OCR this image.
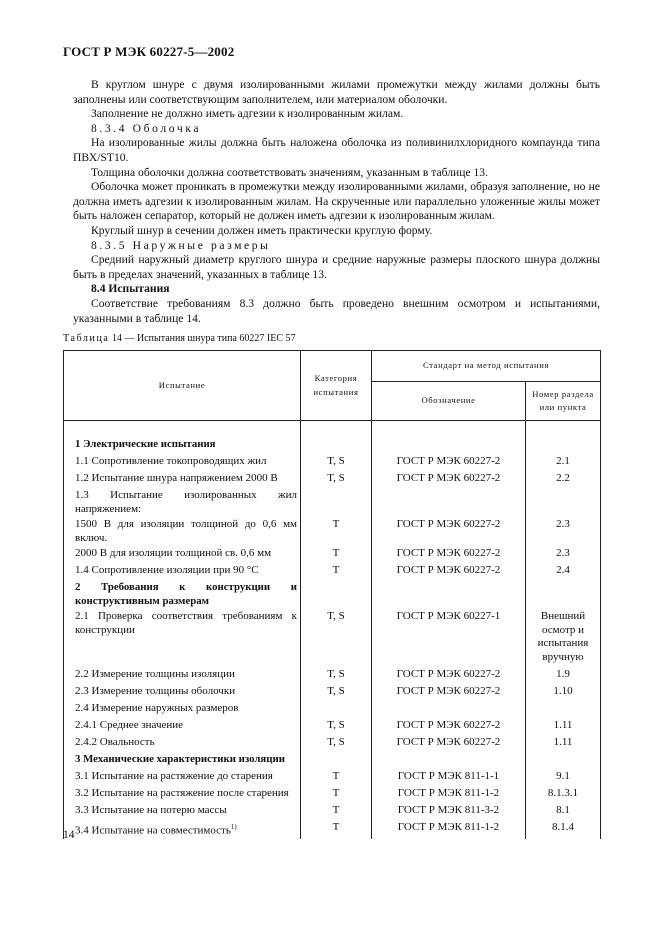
ГОСТ Р МЭК 60227-5—2002

В круглом шнуре с двумя изолированными жилами промежутки между жилами должны быть заполнены или соответствующим заполнителем, или материалом оболочки.

Заполнение не должно иметь адгезии к изолированным жилам.

8.3.4 Оболочка

На изолированные жилы должна быть наложена оболочка из поливинилхлоридного компаунда типа ПВХ/ST10.

Толщина оболочки должна соответствовать значениям, указанным в таблице 13.

Оболочка может проникать в промежутки между изолированными жилами, образуя заполнение, но не должна иметь адгезии к изолированным жилам. На скрученные или параллельно уложенные жилы может быть наложен сепаратор, который не должен иметь адгезии к изолированным жилам.

Круглый шнур в сечении должен иметь практически круглую форму.

8.3.5 Наружные размеры

Средний наружный диаметр круглого шнура и средние наружные размеры плоского шнура должны быть в пределах значений, указанных в таблице 13.

8.4 Испытания

Соответствие требованиям 8.3 должно быть проведено внешним осмотром и испытаниями, указанными в таблице 14.

Таблица 14 — Испытания шнура типа 60227 IEC 57
Испытание	Категория испытания	Стандарт на метод испытания	
		Обозначение	Номер раздела или пункта

1 Электрические испытания			
1.1 Сопротивление токопроводящих жил	T, S	ГОСТ Р МЭК 60227-2	2.1
1.2 Испытание шнура напряжением 2000 В	T, S	ГОСТ Р МЭК 60227-2	2.2
1.3 Испытание изолированных жил напряжением:			
1500 В для изоляции толщиной до 0,6 мм включ.	T	ГОСТ Р МЭК 60227-2	2.3
2000 В для изоляции толщиной св. 0,6 мм	T	ГОСТ Р МЭК 60227-2	2.3
1.4 Сопротивление изоляции при 90 °С	T	ГОСТ Р МЭК 60227-2	2.4
2 Требования к конструкции и конструктивным размерам			
2.1 Проверка соответствия требованиям к конструкции	T, S	ГОСТ Р МЭК 60227-1	Внешний осмотр и испытания вручную
2.2 Измерение толщины изоляции	T, S	ГОСТ Р МЭК 60227-2	1.9
2.3 Измерение толщины оболочки	T, S	ГОСТ Р МЭК 60227-2	1.10
2.4 Измерение наружных размеров			
2.4.1 Среднее значение	T, S	ГОСТ Р МЭК 60227-2	1.11
2.4.2 Овальность	T, S	ГОСТ Р МЭК 60227-2	1.11
3 Механические характеристики изоляции			
3.1 Испытание на растяжение до старения	T	ГОСТ Р МЭК 811-1-1	9.1
3.2 Испытание на растяжение после старения	T	ГОСТ Р МЭК 811-1-2	8.1.3.1
3.3 Испытание на потерю массы	T	ГОСТ Р МЭК 811-3-2	8.1
3.4 Испытание на совместимость$^{1)}$	T	ГОСТ Р МЭК 811-1-2	8.1.4
14
